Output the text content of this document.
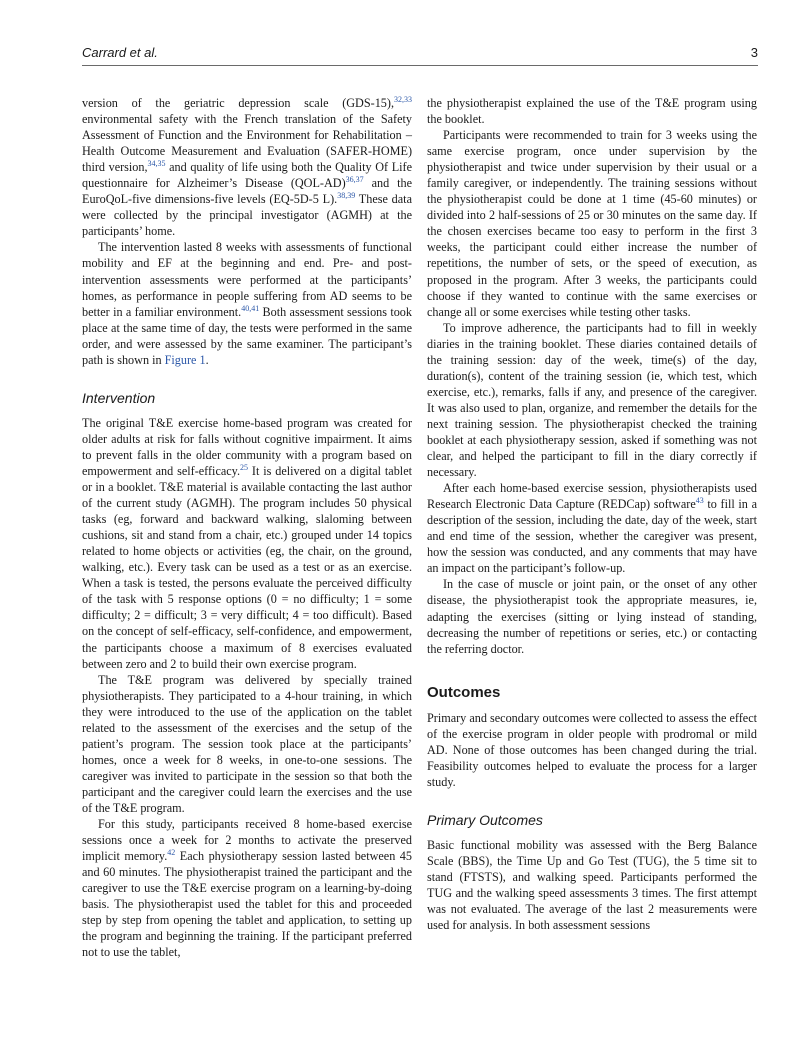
Carrard et al.	3

version of the geriatric depression scale (GDS-15),$^{32,33}$ environmental safety with the French translation of the Safety Assessment of Function and the Environment for Rehabilitation – Health Outcome Measurement and Evaluation (SAFER-HOME) third version,$^{34,35}$ and quality of life using both the Quality Of Life questionnaire for Alzheimer’s Disease $(QOL-AD)^{36,37}$ and the EuroQoL-five dimensions-five levels (EQ-5D-5 L).$^{38,39}$ These data were collected by the principal investigator (AGMH) at the participants’ home.

The intervention lasted 8 weeks with assessments of functional mobility and EF at the beginning and end. Pre- and post-intervention assessments were performed at the participants’ homes, as performance in people suffering from AD seems to be better in a familiar environment.$^{40,41}$ Both assessment sessions took place at the same time of day, the tests were performed in the same order, and were assessed by the same examiner. The participant’s path is shown in Figure 1.

Intervention

The original T&E exercise home-based program was created for older adults at risk for falls without cognitive impairment. It aims to prevent falls in the older community with a program based on empowerment and self-efficacy.$^{25}$ It is delivered on a digital tablet or in a booklet. T&E material is available contacting the last author of the current study (AGMH). The program includes 50 physical tasks (eg, forward and backward walking, slaloming between cushions, sit and stand from a chair, etc.) grouped under 14 topics related to home objects or activities (eg, the chair, on the ground, walking, etc.). Every task can be used as a test or as an exercise. When a task is tested, the persons evaluate the perceived difficulty of the task with 5 response options (0 = no difficulty; 1 = some difficulty; 2 = difficult; 3 = very difficult; 4 = too difficult). Based on the concept of self-efficacy, self-confidence, and empowerment, the participants choose a maximum of 8 exercises evaluated between zero and 2 to build their own exercise program.

The T&E program was delivered by specially trained physiotherapists. They participated to a 4-hour training, in which they were introduced to the use of the application on the tablet related to the assessment of the exercises and the setup of the patient’s program. The session took place at the participants’ homes, once a week for 8 weeks, in one-to-one sessions. The caregiver was invited to participate in the session so that both the participant and the caregiver could learn the exercises and the use of the T&E program.

For this study, participants received 8 home-based exercise sessions once a week for 2 months to activate the preserved implicit memory.$^{42}$ Each physiotherapy session lasted between 45 and 60 minutes. The physiotherapist trained the participant and the caregiver to use the T&E exercise program on a learning-by-doing basis. The physiotherapist used the tablet for this and proceeded step by step from opening the tablet and application, to setting up the program and beginning the training. If the participant preferred not to use the tablet,

the physiotherapist explained the use of the T&E program using the booklet.

Participants were recommended to train for 3 weeks using the same exercise program, once under supervision by the physiotherapist and twice under supervision by their usual or a family caregiver, or independently. The training sessions without the physiotherapist could be done at 1 time (45-60 minutes) or divided into 2 half-sessions of 25 or 30 minutes on the same day. If the chosen exercises became too easy to perform in the first 3 weeks, the participant could either increase the number of repetitions, the number of sets, or the speed of execution, as proposed in the program. After 3 weeks, the participants could choose if they wanted to continue with the same exercises or change all or some exercises while testing other tasks.

To improve adherence, the participants had to fill in weekly diaries in the training booklet. These diaries contained details of the training session: day of the week, time(s) of the day, duration(s), content of the training session (ie, which test, which exercise, etc.), remarks, falls if any, and presence of the caregiver. It was also used to plan, organize, and remember the details for the next training session. The physiotherapist checked the training booklet at each physiotherapy session, asked if something was not clear, and helped the participant to fill in the diary correctly if necessary.

After each home-based exercise session, physiotherapists used Research Electronic Data Capture (REDCap) software$^{43}$ to fill in a description of the session, including the date, day of the week, start and end time of the session, whether the caregiver was present, how the session was conducted, and any comments that may have an impact on the participant’s follow-up.

In the case of muscle or joint pain, or the onset of any other disease, the physiotherapist took the appropriate measures, ie, adapting the exercises (sitting or lying instead of standing, decreasing the number of repetitions or series, etc.) or contacting the referring doctor.

Outcomes

Primary and secondary outcomes were collected to assess the effect of the exercise program in older people with prodromal or mild AD. None of those outcomes has been changed during the trial. Feasibility outcomes helped to evaluate the process for a larger study.

Primary Outcomes

Basic functional mobility was assessed with the Berg Balance Scale (BBS), the Time Up and Go Test (TUG), the 5 time sit to stand (FTSTS), and walking speed. Participants performed the TUG and the walking speed assessments 3 times. The first attempt was not evaluated. The average of the last 2 measurements were used for analysis. In both assessment sessions
